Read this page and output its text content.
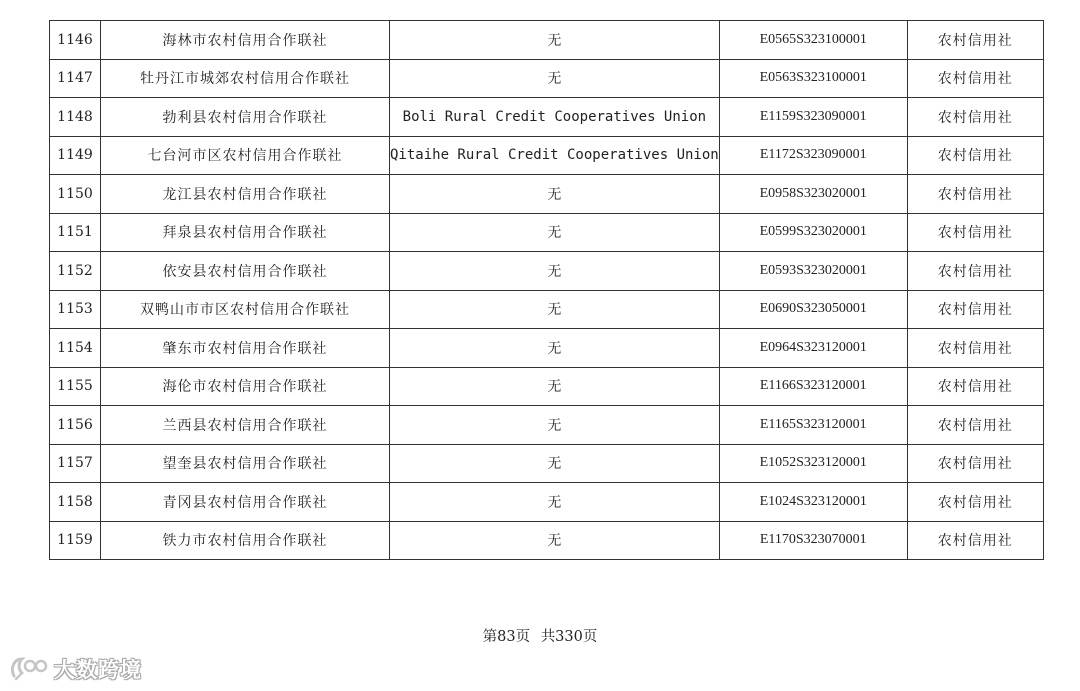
1146	海林市农村信用合作联社	无	E0565S323100001	农村信用社
1147	牡丹江市城郊农村信用合作联社	无	E0563S323100001	农村信用社
1148	勃利县农村信用合作联社	Boli Rural Credit Cooperatives Union	E1159S323090001	农村信用社
1149	七台河市区农村信用合作联社	Qitaihe Rural Credit Cooperatives Union	E1172S323090001	农村信用社
1150	龙江县农村信用合作联社	无	E0958S323020001	农村信用社
1151	拜泉县农村信用合作联社	无	E0599S323020001	农村信用社
1152	依安县农村信用合作联社	无	E0593S323020001	农村信用社
1153	双鸭山市市区农村信用合作联社	无	E0690S323050001	农村信用社
1154	肇东市农村信用合作联社	无	E0964S323120001	农村信用社
1155	海伦市农村信用合作联社	无	E1166S323120001	农村信用社
1156	兰西县农村信用合作联社	无	E1165S323120001	农村信用社
1157	望奎县农村信用合作联社	无	E1052S323120001	农村信用社
1158	青冈县农村信用合作联社	无	E1024S323120001	农村信用社
1159	铁力市农村信用合作联社	无	E1170S323070001	农村信用社
第83页 共330页
大数跨境
